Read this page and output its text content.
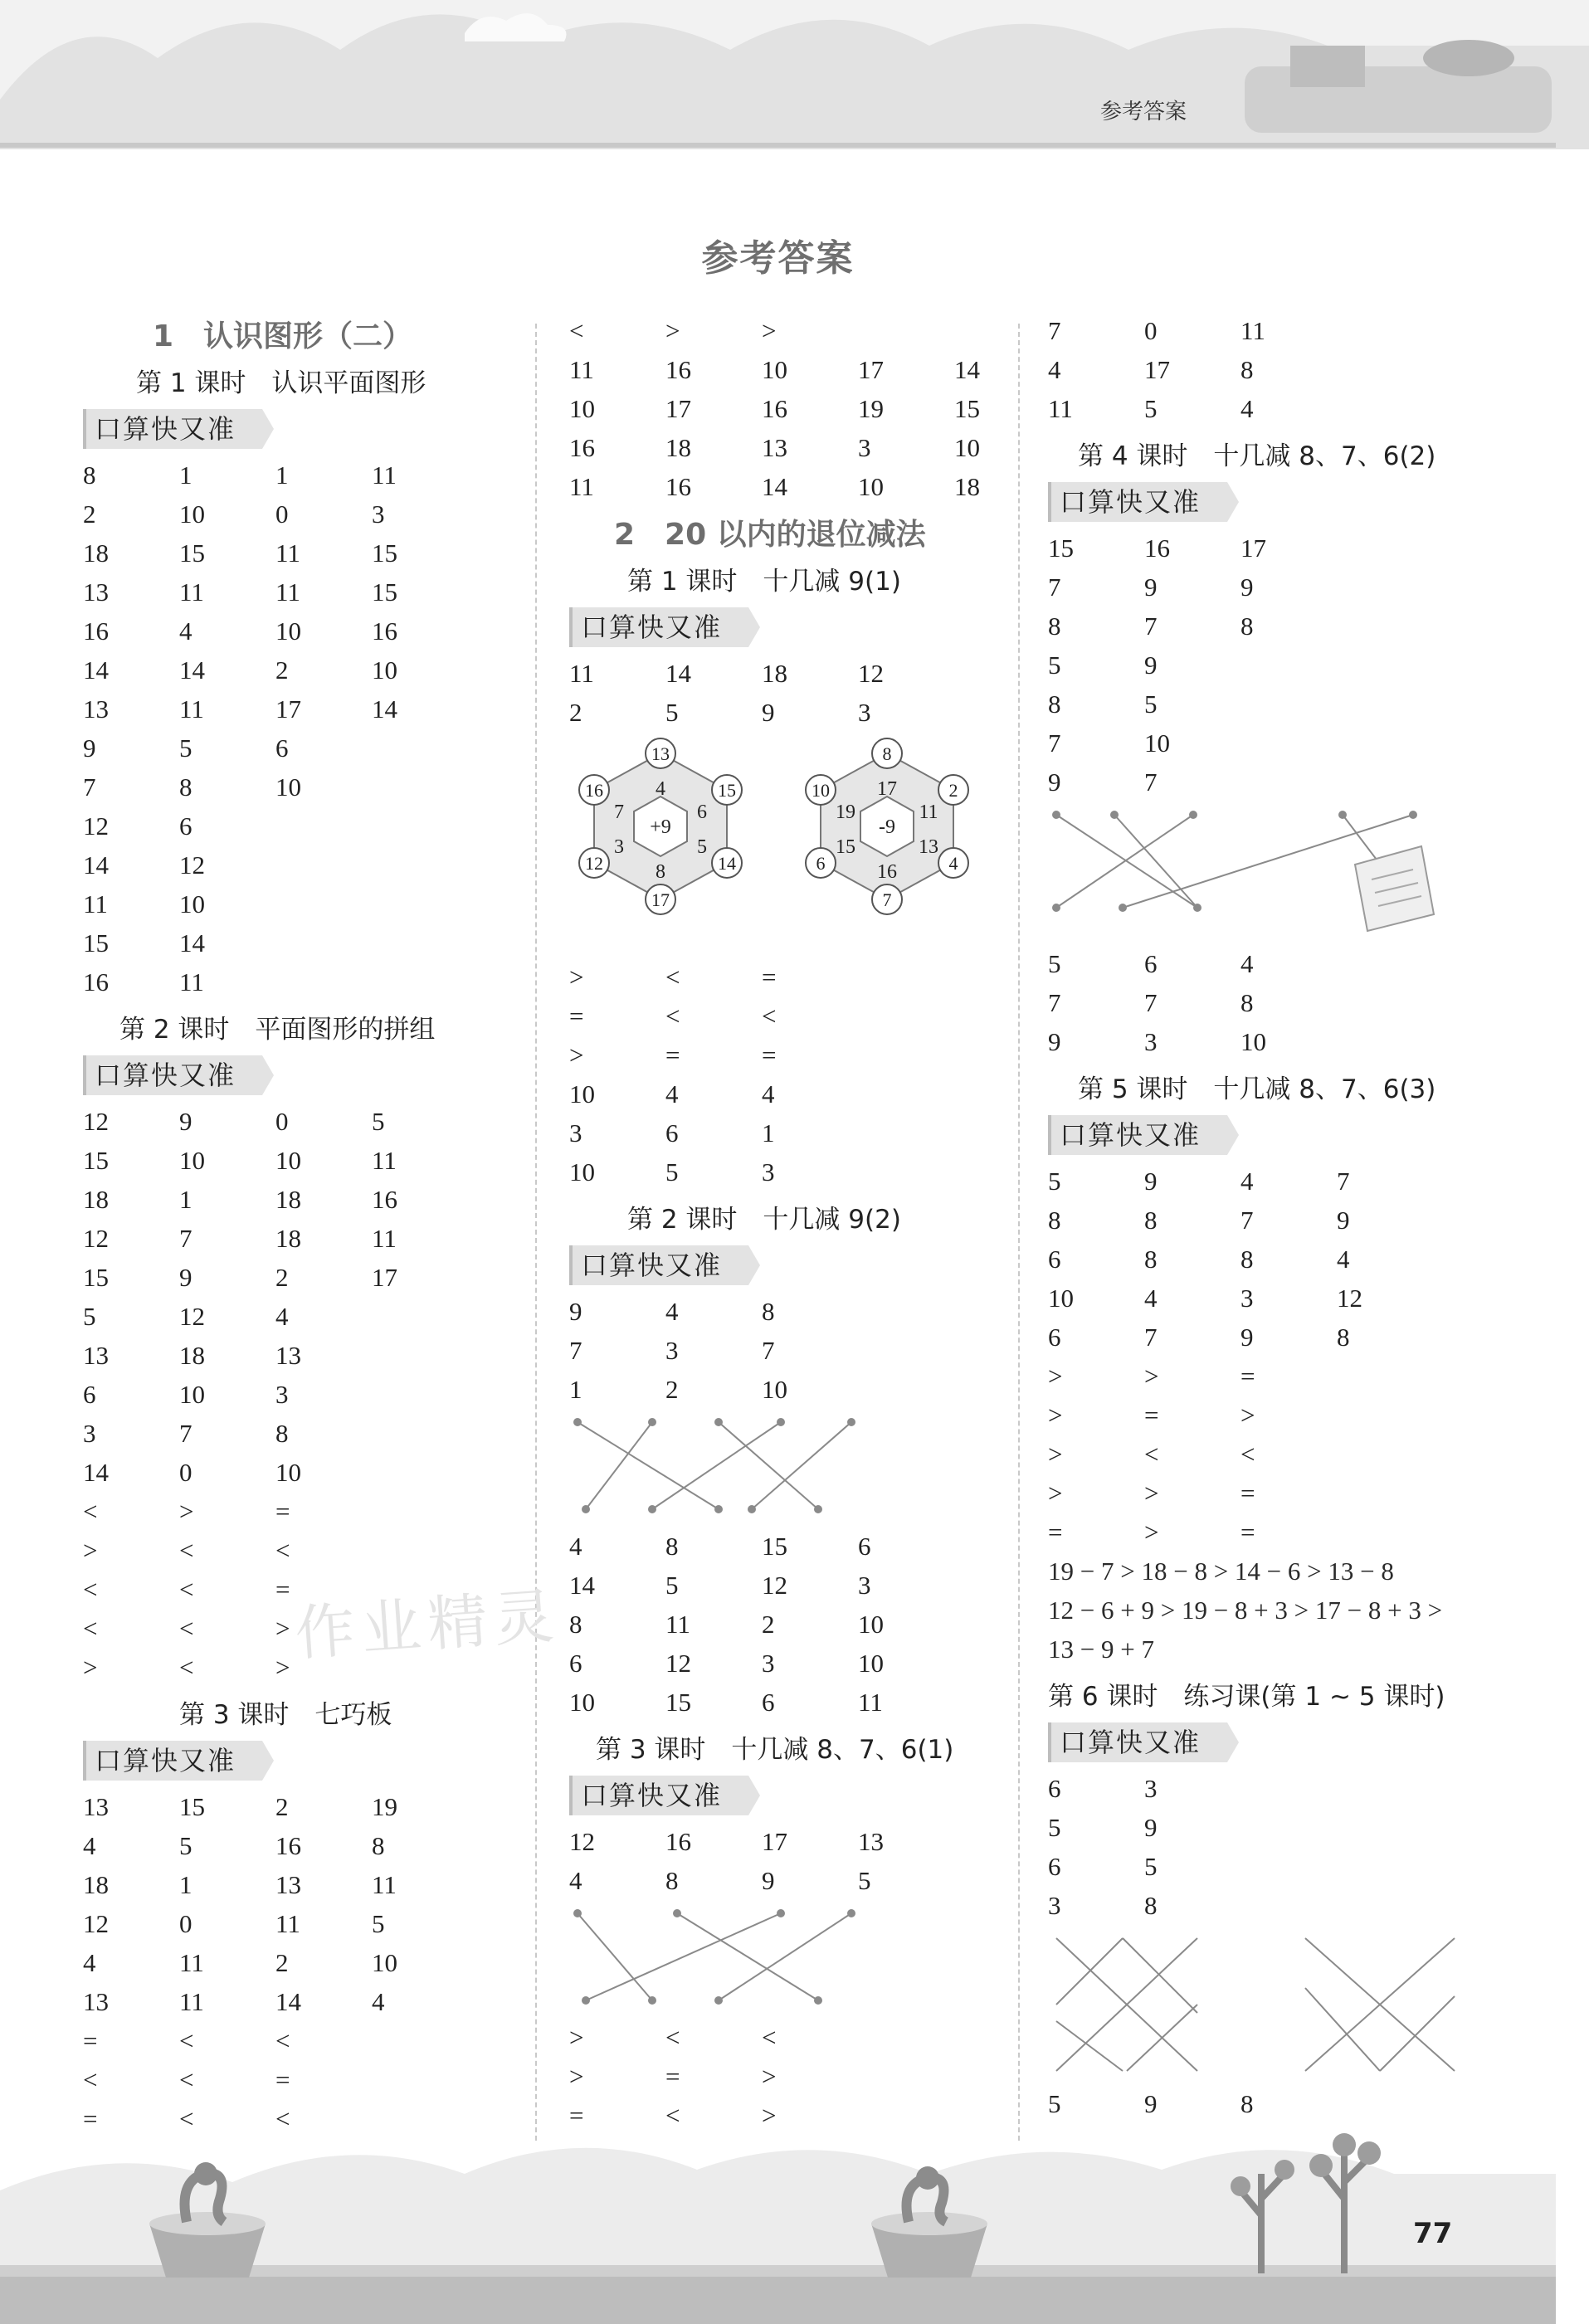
参考答案
参考答案
1　认识图形（二）
第 1 课时　认识平面图形
口算快又准
8	1	1	11
2	10	0	3
18	15	11	15
13	11	11	15
16	4	10	16
14	14	2	10
13	11	17	14
9	5	6
7	8	10
12	6
14	12
11	10
15	14
16	11
第 2 课时　平面图形的拼组
口算快又准
12	9	0	5
15	10	10	11
18	1	18	16
12	7	18	11
15	9	2	17
5	12	4
13	18	13
6	10	3
3	7	8
14	0	10
<	>	=
>	<	<
<	<	=
<	<	>
>	<	>
第 3 课时　七巧板
口算快又准
13	15	2	19
4	5	16	8
18	1	13	11
12	0	11	5
4	11	2	10
13	11	14	4
=	<	<
<	<	=
=	<	<
<	>	>
11	16	10	17	14
10	17	16	19	15
16	18	13	3	10
11	16	14	10	18
2　20 以内的退位减法
第 1 课时　十几减 9(1)
口算快又准
11	14	18	12
2	5	9	3
+9
4
6
5
8
3
7
13
15
14
17
12
16
-9
17
11
13
16
15
19
8
2
4
7
6
10
>	<	=
=	<	<
>	=	=
10	4	4
3	6	1
10	5	3
第 2 课时　十几减 9(2)
口算快又准
9	4	8
7	3	7
1	2	10
4	8	15	6
14	5	12	3
8	11	2	10
6	12	3	10
10	15	6	11
第 3 课时　十几减 8、7、6(1)
口算快又准
12	16	17	13
4	8	9	5
>	<	<
>	=	>
=	<	>
7	0	11
4	17	8
11	5	4
第 4 课时　十几减 8、7、6(2)
口算快又准
15	16	17
7	9	9
8	7	8
5	9
8	5
7	10
9	7
5	6	4
7	7	8
9	3	10
第 5 课时　十几减 8、7、6(3)
口算快又准
5	9	4	7
8	8	7	9
6	8	8	4
10	4	3	12
6	7	9	8
>	>	=
>	=	>
>	<	<
>	>	=
=	>	=
19 − 7 > 18 − 8 > 14 − 6 > 13 − 8
12 − 6 + 9 > 19 − 8 + 3 > 17 − 8 + 3 >
13 − 9 + 7
第 6 课时　练习课(第 1 ~ 5 课时)
口算快又准
6	3
5	9
6	5
3	8
5	9	8
作业精灵
77
